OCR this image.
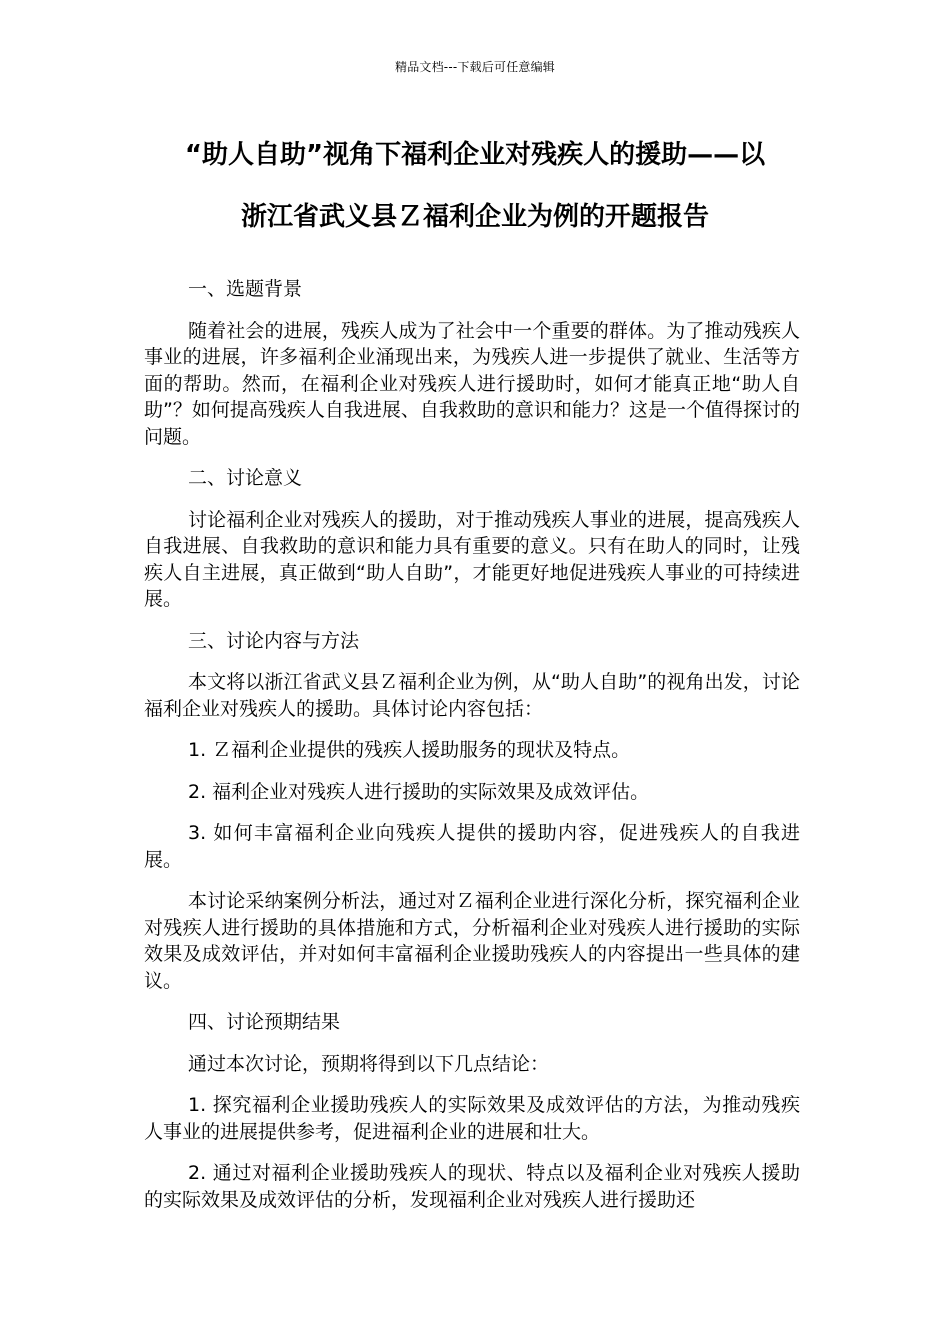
精品文档---下载后可任意编辑
“助人自助”视角下福利企业对残疾人的援助——以
浙江省武义县Ｚ福利企业为例的开题报告
一、选题背景
随着社会的进展，残疾人成为了社会中一个重要的群体。为了推动残疾人事业的进展，许多福利企业涌现出来，为残疾人进一步提供了就业、生活等方面的帮助。然而，在福利企业对残疾人进行援助时，如何才能真正地“助人自助”？如何提高残疾人自我进展、自我救助的意识和能力？这是一个值得探讨的问题。
二、讨论意义
讨论福利企业对残疾人的援助，对于推动残疾人事业的进展，提高残疾人自我进展、自我救助的意识和能力具有重要的意义。只有在助人的同时，让残疾人自主进展，真正做到“助人自助”，才能更好地促进残疾人事业的可持续进展。
三、讨论内容与方法
本文将以浙江省武义县Ｚ福利企业为例，从“助人自助”的视角出发，讨论福利企业对残疾人的援助。具体讨论内容包括：
1. Ｚ福利企业提供的残疾人援助服务的现状及特点。
2. 福利企业对残疾人进行援助的实际效果及成效评估。
3. 如何丰富福利企业向残疾人提供的援助内容，促进残疾人的自我进展。
本讨论采纳案例分析法，通过对Ｚ福利企业进行深化分析，探究福利企业对残疾人进行援助的具体措施和方式，分析福利企业对残疾人进行援助的实际效果及成效评估，并对如何丰富福利企业援助残疾人的内容提出一些具体的建议。
四、讨论预期结果
通过本次讨论，预期将得到以下几点结论：
1. 探究福利企业援助残疾人的实际效果及成效评估的方法，为推动残疾人事业的进展提供参考，促进福利企业的进展和壮大。
2. 通过对福利企业援助残疾人的现状、特点以及福利企业对残疾人援助的实际效果及成效评估的分析，发现福利企业对残疾人进行援助还
